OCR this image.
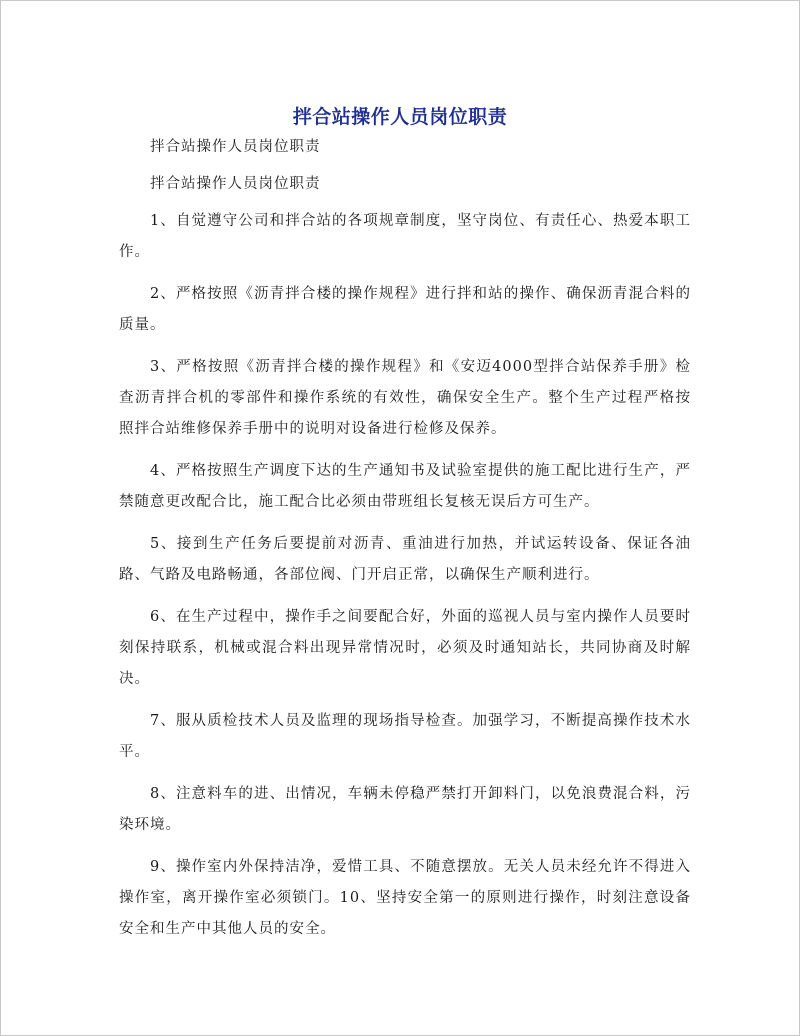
拌合站操作人员岗位职责

拌合站操作人员岗位职责

拌合站操作人员岗位职责

1、自觉遵守公司和拌合站的各项规章制度，坚守岗位、有责任心、热爱本职工作。

2、严格按照《沥青拌合楼的操作规程》进行拌和站的操作、确保沥青混合料的质量。

3、严格按照《沥青拌合楼的操作规程》和《安迈4000型拌合站保养手册》检查沥青拌合机的零部件和操作系统的有效性，确保安全生产。整个生产过程严格按照拌合站维修保养手册中的说明对设备进行检修及保养。

4、严格按照生产调度下达的生产通知书及试验室提供的施工配比进行生产，严禁随意更改配合比，施工配合比必须由带班组长复核无误后方可生产。

5、接到生产任务后要提前对沥青、重油进行加热，并试运转设备、保证各油路、气路及电路畅通，各部位阀、门开启正常，以确保生产顺利进行。

6、在生产过程中，操作手之间要配合好，外面的巡视人员与室内操作人员要时刻保持联系，机械或混合料出现异常情况时，必须及时通知站长，共同协商及时解决。

7、服从质检技术人员及监理的现场指导检查。加强学习，不断提高操作技术水平。

8、注意料车的进、出情况，车辆未停稳严禁打开卸料门，以免浪费混合料，污染环境。

9、操作室内外保持洁净，爱惜工具、不随意摆放。无关人员未经允许不得进入操作室，离开操作室必须锁门。10、坚持安全第一的原则进行操作，时刻注意设备安全和生产中其他人员的安全。
